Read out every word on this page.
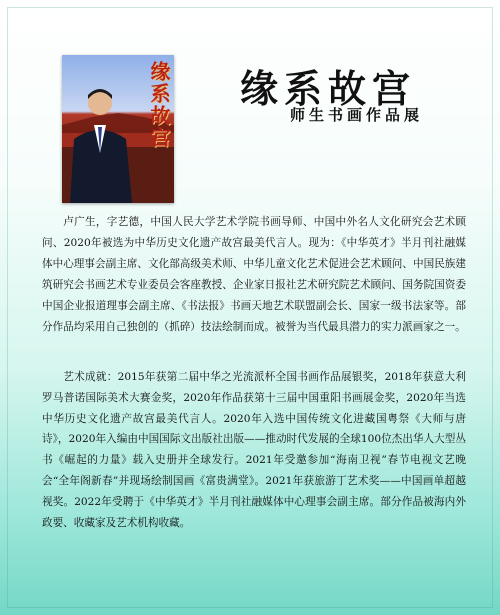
缘系故宫 缘系故宫
师生书画作品展

卢广生，字艺德，中国人民大学艺术学院书画导师、中国中外名人文化研究会艺术顾问、2020年被选为中华历史文化遗产故宫最美代言人。现为：《中华英才》半月刊社融媒体中心理事会副主席、文化部高级美术师、中华儿童文化艺术促进会艺术顾问、中国民族建筑研究会书画艺术专业委员会客座教授、企业家日报社艺术研究院艺术顾问、国务院国资委中国企业报道理事会副主席、《书法报》书画天地艺术联盟副会长、国家一级书法家等。部分作品均采用自己独创的（抓碎）技法绘制而成。被誉为当代最具潜力的实力派画家之一。

艺术成就：2015年获第二届中华之光流派杯全国书画作品展银奖，2018年获意大利罗马普诺国际美术大赛金奖，2020年作品获第十三届中国重阳书画展金奖，2020年当选中华历史文化遗产故宫最美代言人。2020年入选中国传统文化进藏国粤祭《大师与唐诗》，2020年入编由中国国际文出版社出版——推动时代发展的全球100位杰出华人大型丛书《崛起的力量》载入史册并全球发行。2021年受邀参加“海南卫视”春节电视文艺晚会“全年阁新春”并现场绘制国画《富贵满堂》。2021年获旅游丁艺术奖——中国画单超越视奖。2022年受聘于《中华英才》半月刊社融媒体中心理事会副主席。部分作品被海内外政要、收藏家及艺术机构收藏。
